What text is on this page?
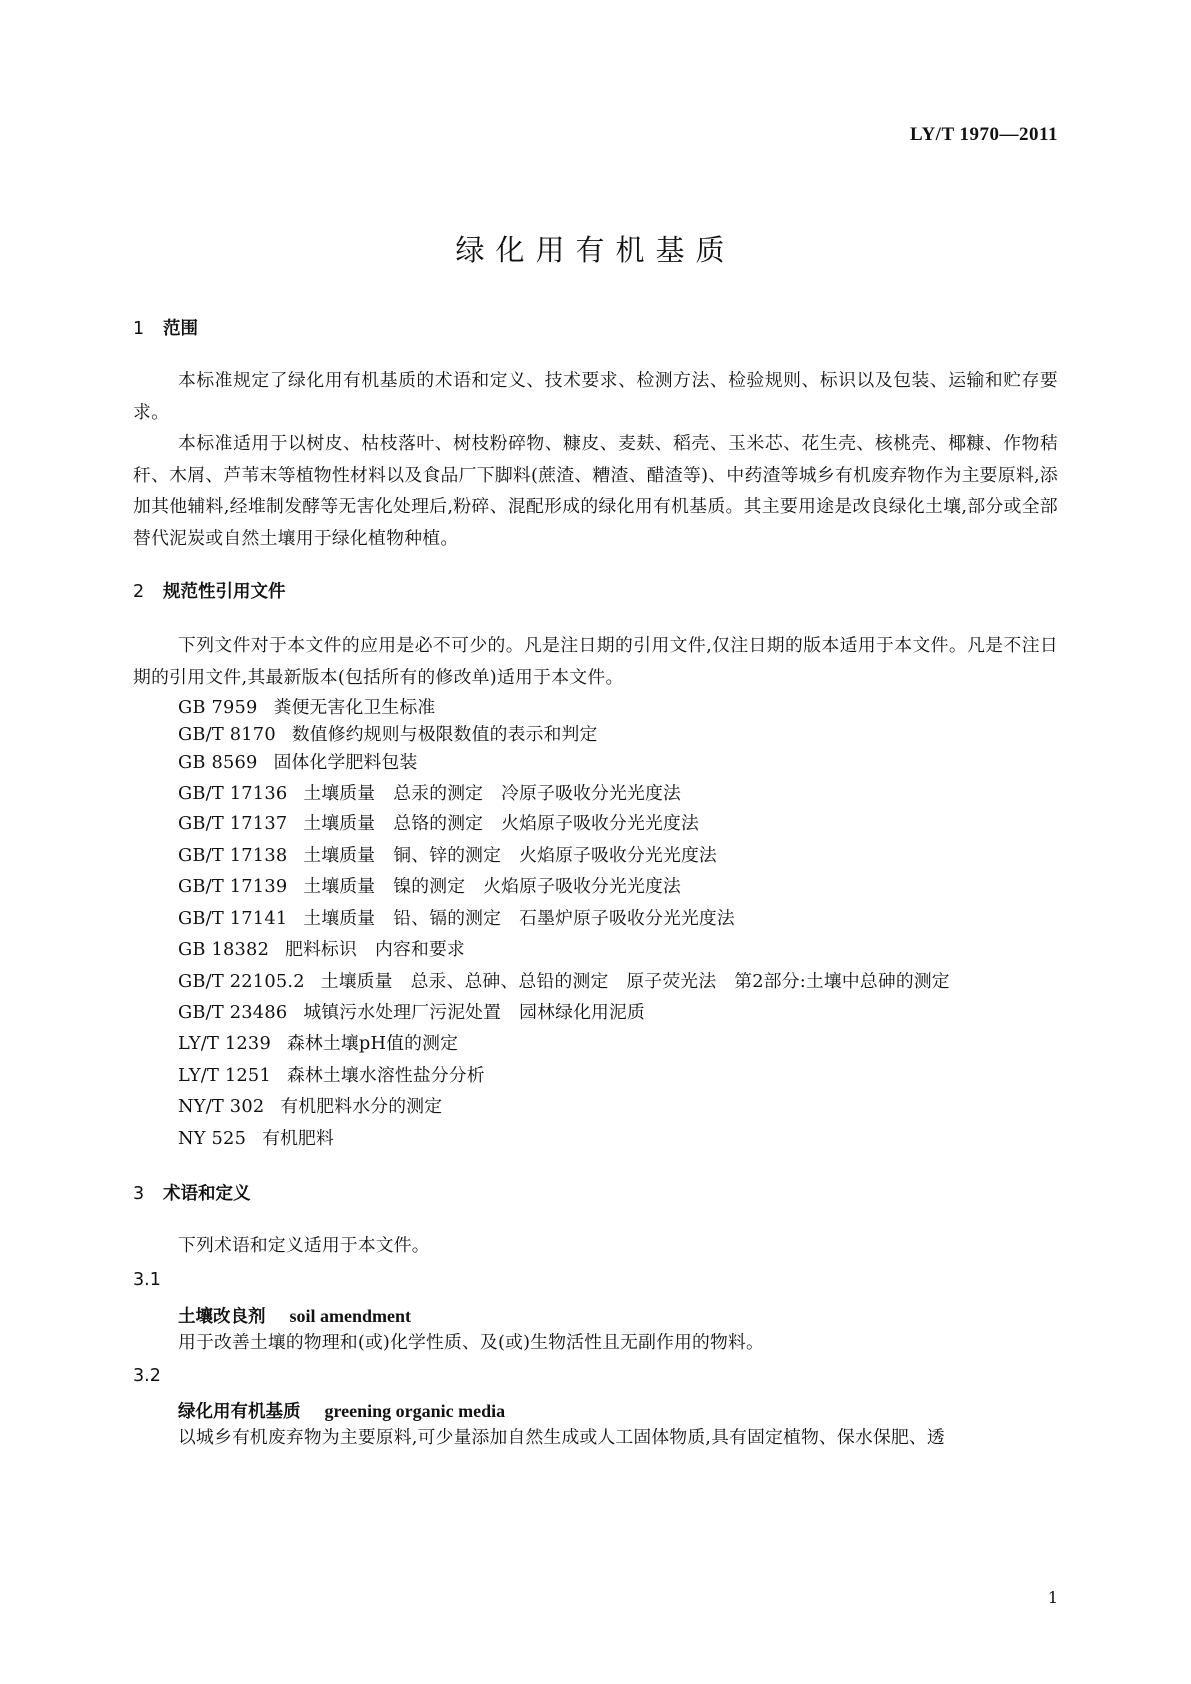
LY/T 1970—2011
绿化用有机基质
1 范围
本标准规定了绿化用有机基质的术语和定义、技术要求、检测方法、检验规则、标识以及包装、运输和贮存要求。
本标准适用于以树皮、枯枝落叶、树枝粉碎物、糠皮、麦麸、稻壳、玉米芯、花生壳、核桃壳、椰糠、作物秸秆、木屑、芦苇末等植物性材料以及食品厂下脚料(蔗渣、糟渣、醋渣等)、中药渣等城乡有机废弃物作为主要原料,添加其他辅料,经堆制发酵等无害化处理后,粉碎、混配形成的绿化用有机基质。其主要用途是改良绿化土壤,部分或全部替代泥炭或自然土壤用于绿化植物种植。
2 规范性引用文件
下列文件对于本文件的应用是必不可少的。凡是注日期的引用文件,仅注日期的版本适用于本文件。凡是不注日期的引用文件,其最新版本(包括所有的修改单)适用于本文件。
GB 7959 粪便无害化卫生标准
GB/T 8170 数值修约规则与极限数值的表示和判定
GB 8569 固体化学肥料包装
GB/T 17136 土壤质量　总汞的测定　冷原子吸收分光光度法
GB/T 17137 土壤质量　总铬的测定　火焰原子吸收分光光度法
GB/T 17138 土壤质量　铜、锌的测定　火焰原子吸收分光光度法
GB/T 17139 土壤质量　镍的测定　火焰原子吸收分光光度法
GB/T 17141 土壤质量　铅、镉的测定　石墨炉原子吸收分光光度法
GB 18382 肥料标识　内容和要求
GB/T 22105.2 土壤质量　总汞、总砷、总铅的测定　原子荧光法　第2部分:土壤中总砷的测定
GB/T 23486 城镇污水处理厂污泥处置　园林绿化用泥质
LY/T 1239 森林土壤pH值的测定
LY/T 1251 森林土壤水溶性盐分分析
NY/T 302 有机肥料水分的测定
NY 525 有机肥料
3 术语和定义
下列术语和定义适用于本文件。
3.1
土壤改良剂 soil amendment
用于改善土壤的物理和(或)化学性质、及(或)生物活性且无副作用的物料。
3.2
绿化用有机基质 greening organic media
以城乡有机废弃物为主要原料,可少量添加自然生成或人工固体物质,具有固定植物、保水保肥、透
1
